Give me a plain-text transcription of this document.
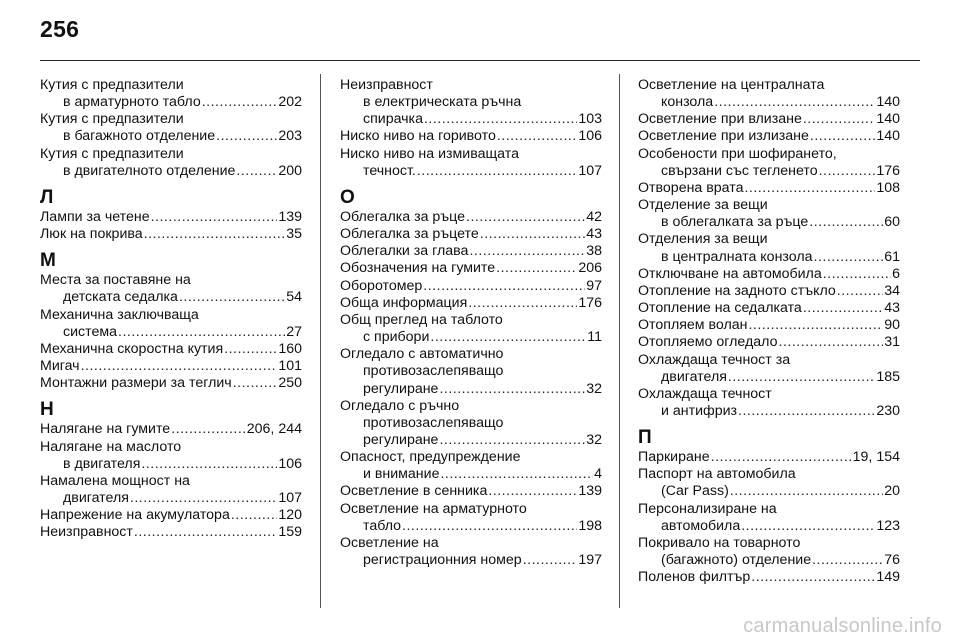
256
Кутия с предпазители
в арматурното табло .....	202
Кутия с предпазители
в багажното отделение .....	203
Кутия с предпазители
в двигателното отделение .....	200
Л
Лампи за четене .....	139
Люк на покрива .....	35
М
Места за поставяне на
детската седалка .....	54
Механична заключваща
система .....	27
Механична скоростна кутия .....	160
Мигач .....	101
Монтажни размери за теглич .....	250
Н
Налягане на гумите .....	206, 244
Налягане на маслото
в двигателя .....	106
Намалена мощност на
двигателя .....	107
Напрежение на акумулатора .....	120
Неизправност .....	159
Неизправност
в електрическата ръчна
спирачка .....	103
Ниско ниво на горивото .....	106
Ниско ниво на измиващата
течност. .....	107
О
Облегалка за ръце .....	42
Облегалка за ръцете .....	43
Облегалки за глава .....	38
Обозначения на гумите .....	206
Оборотомер .....	97
Обща информация .....	176
Общ преглед на таблото
с прибори .....	11
Огледало с автоматично
противозаслепяващо
регулиране .....	32
Огледало с ръчно
противозаслепяващо
регулиране .....	32
Опасност, предупреждение
и внимание .....	4
Осветление в сенника .....	139
Осветление на арматурното
табло .....	198
Осветление на
регистрационния номер .....	197
Осветление на централната
конзола .....	140
Осветление при влизане .....	140
Осветление при излизане .....	140
Особености при шофирането,
свързани със тегленето .....	176
Отворена врата .....	108
Отделение за вещи
в облегалката за ръце .....	60
Отделения за вещи
в централната конзола .....	61
Отключване на автомобила .....	6
Отопление на задното стъкло .....	34
Отопление на седалката .....	43
Отопляем волан .....	90
Отопляемо огледало .....	31
Охлаждаща течност за
двигателя .....	185
Охлаждаща течност
и антифриз .....	230
П
Паркиране .....	19, 154
Паспорт на автомобила
(Car Pass) .....	20
Персонализиране на
автомобила .....	123
Покривало на товарното
(багажното) отделение .....	76
Поленов филтър .....	149
carmanualsonline.info
